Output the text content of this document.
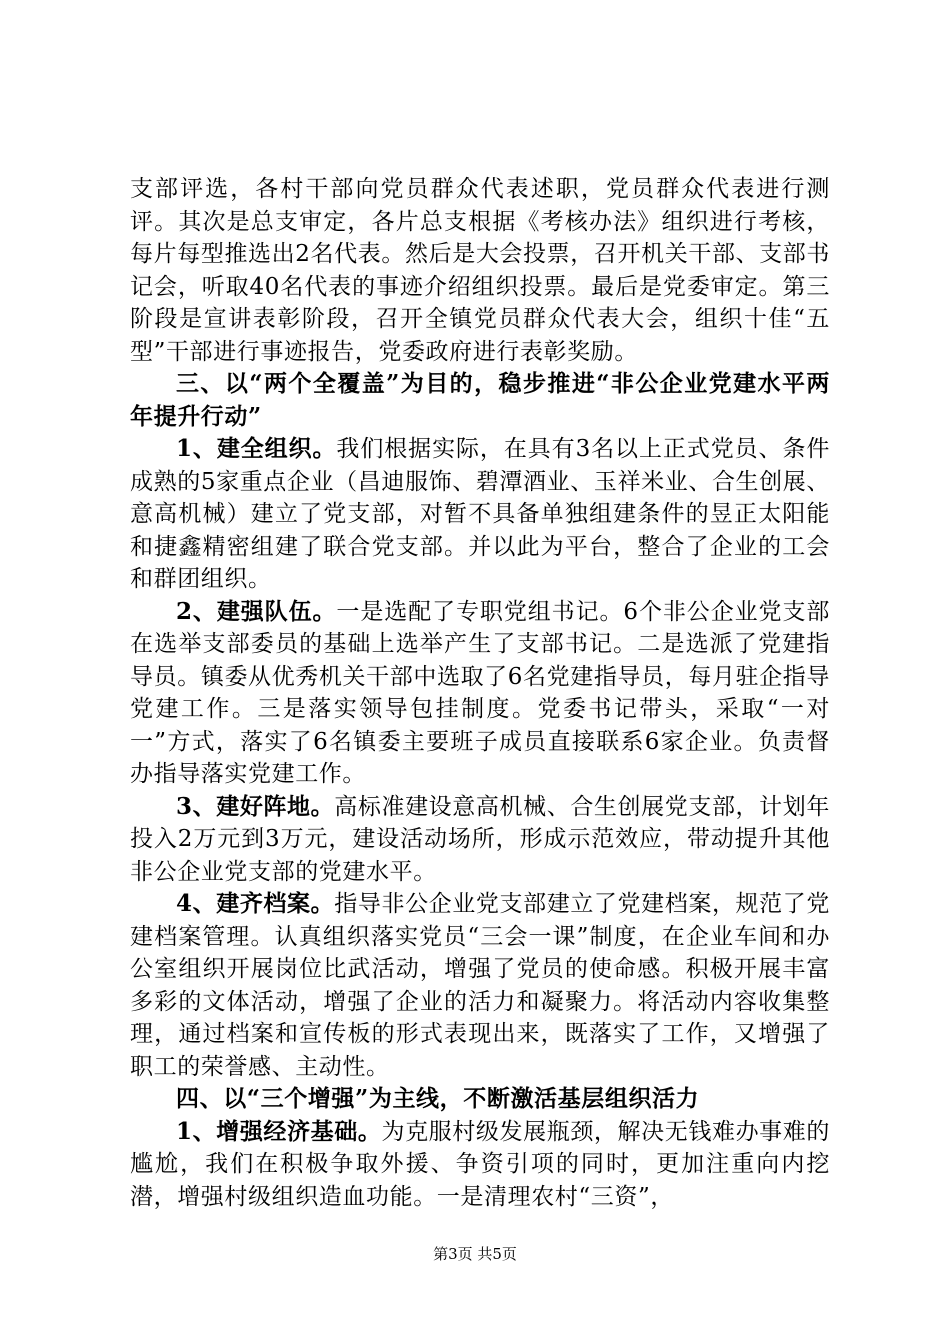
支部评选，各村干部向党员群众代表述职，党员群众代表进行测评。其次是总支审定，各片总支根据《考核办法》组织进行考核，每片每型推选出2名代表。然后是大会投票，召开机关干部、支部书记会，听取40名代表的事迹介绍组织投票。最后是党委审定。第三阶段是宣讲表彰阶段，召开全镇党员群众代表大会，组织十佳“五型”干部进行事迹报告，党委政府进行表彰奖励。

三、以“两个全覆盖”为目的，稳步推进“非公企业党建水平两年提升行动”

1、建全组织。我们根据实际，在具有3名以上正式党员、条件成熟的5家重点企业（昌迪服饰、碧潭酒业、玉祥米业、合生创展、意高机械）建立了党支部，对暂不具备单独组建条件的昱正太阳能和捷鑫精密组建了联合党支部。并以此为平台，整合了企业的工会和群团组织。

2、建强队伍。一是选配了专职党组书记。6个非公企业党支部在选举支部委员的基础上选举产生了支部书记。二是选派了党建指导员。镇委从优秀机关干部中选取了6名党建指导员，每月驻企指导党建工作。三是落实领导包挂制度。党委书记带头，采取“一对一”方式，落实了6名镇委主要班子成员直接联系6家企业。负责督办指导落实党建工作。

3、建好阵地。高标准建设意高机械、合生创展党支部，计划年投入2万元到3万元，建设活动场所，形成示范效应，带动提升其他非公企业党支部的党建水平。

4、建齐档案。指导非公企业党支部建立了党建档案，规范了党建档案管理。认真组织落实党员“三会一课”制度，在企业车间和办公室组织开展岗位比武活动，增强了党员的使命感。积极开展丰富多彩的文体活动，增强了企业的活力和凝聚力。将活动内容收集整理，通过档案和宣传板的形式表现出来，既落实了工作，又增强了职工的荣誉感、主动性。

四、以“三个增强”为主线，不断激活基层组织活力

1、增强经济基础。为克服村级发展瓶颈，解决无钱难办事难的尴尬，我们在积极争取外援、争资引项的同时，更加注重向内挖潜，增强村级组织造血功能。一是清理农村“三资”，

第3页 共5页
